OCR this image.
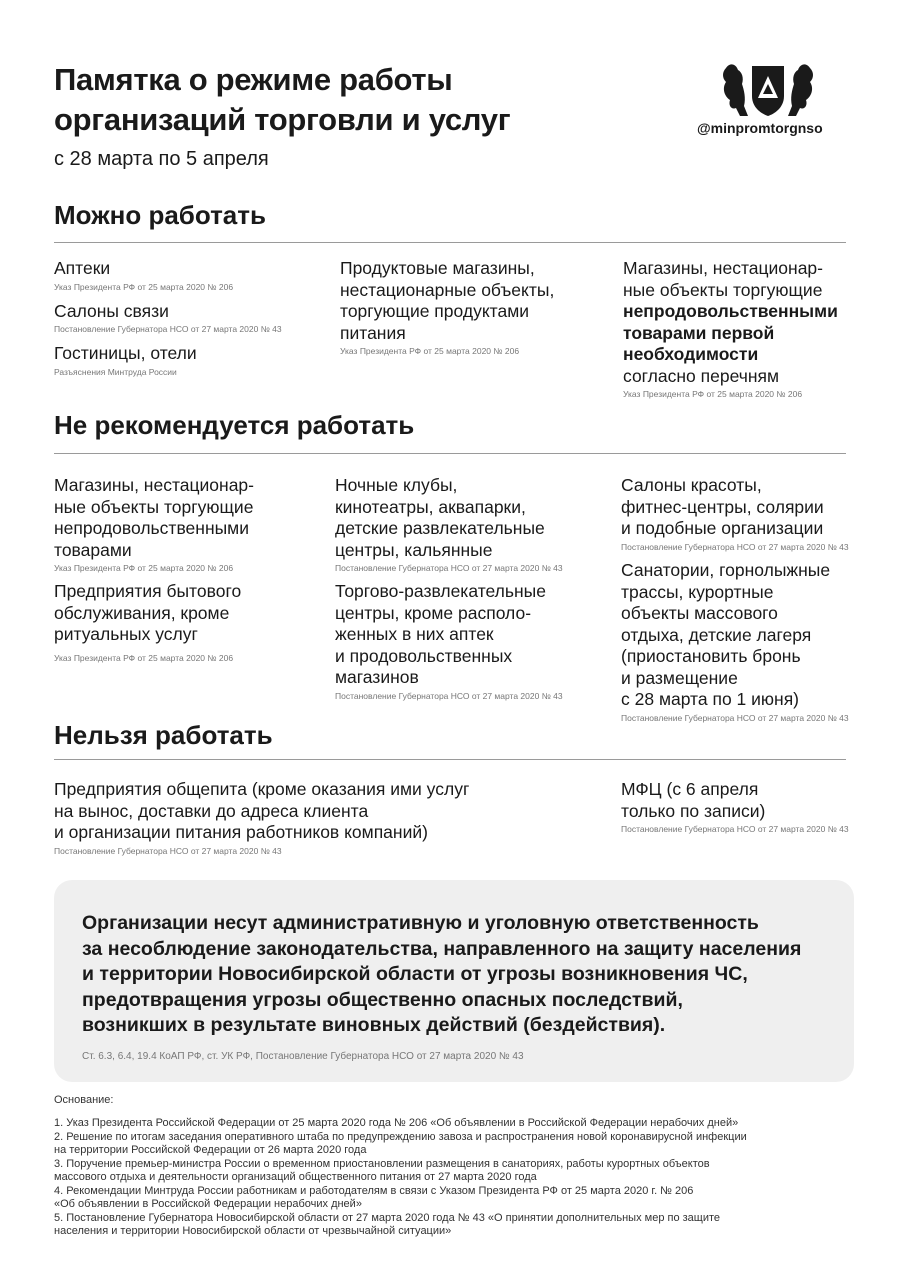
Памятка о режиме работы
организаций торговли и услуг
с 28 марта по 5 апреля
@minpromtorgnso
Можно работать
Аптеки
Указ Президента РФ от 25 марта 2020 № 206
Салоны связи
Постановление Губернатора НСО от 27 марта 2020 № 43
Гостиницы, отели
Разъяснения Минтруда России
Продуктовые магазины,
нестационарные объекты,
торгующие продуктами
питания
Указ Президента РФ от 25 марта 2020 № 206
Магазины, нестационар-
ные объекты торгующие
непродовольственными
товарами первой
необходимости
согласно перечням
Указ Президента РФ от 25 марта 2020 № 206
Не рекомендуется работать
Магазины, нестационар-
ные объекты торгующие
непродовольственными
товарами
Указ Президента РФ от 25 марта 2020 № 206
Предприятия бытового
обслуживания, кроме
ритуальных услуг
Указ Президента РФ от 25 марта 2020 № 206
Ночные клубы,
кинотеатры, аквапарки,
детские развлекательные
центры, кальянные
Постановление Губернатора НСО от 27 марта 2020 № 43
Торгово-развлекательные
центры, кроме располо-
женных в них аптек
и продовольственных
магазинов
Постановление Губернатора НСО от 27 марта 2020 № 43
Салоны красоты,
фитнес-центры, солярии
и подобные организации
Постановление Губернатора НСО от 27 марта 2020 № 43
Санатории, горнолыжные
трассы, курортные
объекты массового
отдыха, детские лагеря
(приостановить бронь
и размещение
с 28 марта по 1 июня)
Постановление Губернатора НСО от 27 марта 2020 № 43
Нельзя работать
Предприятия общепита (кроме оказания ими услуг
на вынос, доставки до адреса клиента
и организации питания работников компаний)
Постановление Губернатора НСО от 27 марта 2020 № 43
МФЦ (с 6 апреля
только по записи)
Постановление Губернатора НСО от 27 марта 2020 № 43
Организации несут административную и уголовную ответственность
за несоблюдение законодательства, направленного на защиту населения
и территории Новосибирской области от угрозы возникновения ЧС,
предотвращения угрозы общественно опасных последствий,
возникших в результате виновных действий (бездействия).
Ст. 6.3, 6.4, 19.4 КоАП РФ, ст. УК РФ, Постановление Губернатора НСО от 27 марта 2020 № 43
Основание:
1. Указ Президента Российской Федерации от 25 марта 2020 года № 206 «Об объявлении в Российской Федерации нерабочих дней»
2. Решение по итогам заседания оперативного штаба по предупреждению завоза и распространения новой коронавирусной инфекции
на территории Российской Федерации от 26 марта 2020 года
3. Поручение премьер-министра России о временном приостановлении размещения в санаториях, работы курортных объектов
массового отдыха и деятельности организаций общественного питания от 27 марта 2020 года
4. Рекомендации Минтруда России работникам и работодателям в связи с Указом Президента РФ от 25 марта 2020 г. № 206
«Об объявлении в Российской Федерации нерабочих дней»
5. Постановление Губернатора Новосибирской области от 27 марта 2020 года № 43 «О принятии дополнительных мер по защите
населения и территории Новосибирской области от чрезвычайной ситуации»
